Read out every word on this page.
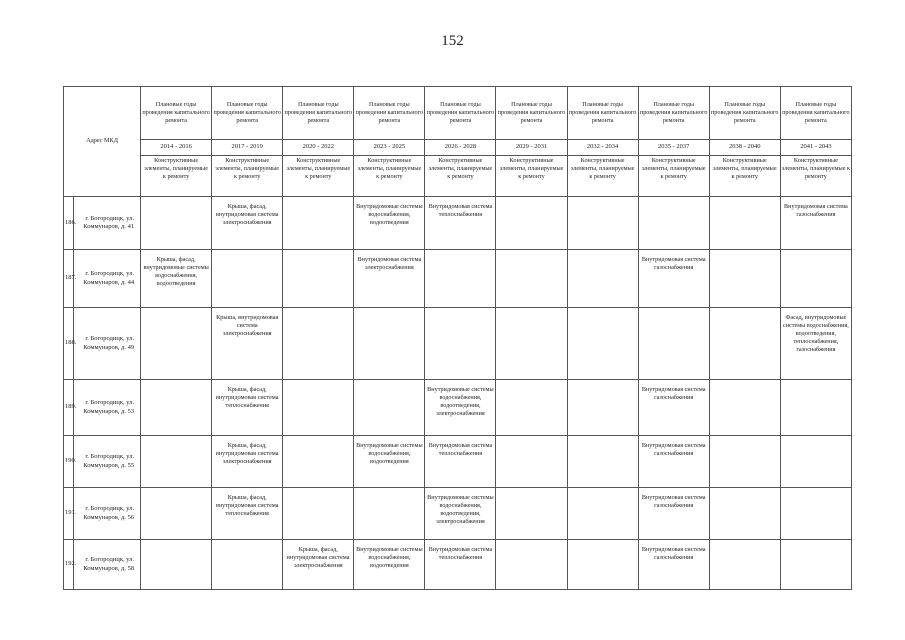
152
Адрес МКД		Плановые годы проведения капитального ремонта	Плановые годы проведения капитального ремонта	Плановые годы проведения капитального ремонта	Плановые годы проведения капитального ремонта	Плановые годы проведения капитального ремонта	Плановые годы проведения капитального ремонта	Плановые годы проведения капитального ремонта	Плановые годы проведения капитального ремонта	Плановые годы проведения капитального ремонта	Плановые годы проведения капитального ремонта
		2014 - 2016	2017 - 2019	2020 - 2022	2023 - 2025	2026 - 2028	2029 - 2031	2032 - 2034	2035 - 2037	2038 - 2040	2041 - 2043
		Конструктивные элементы, планируемые к ремонту	Конструктивные элементы, планируемые к ремонту	Конструктивные элементы, планируемые к ремонту	Конструктивные элементы, планируемые к ремонту	Конструктивные элементы, планируемые к ремонту	Конструктивные элементы, планируемые к ремонту	Конструктивные элементы, планируемые к ремонту	Конструктивные элементы, планируемые к ремонту	Конструктивные элементы, планируемые к ремонту	Конструктивные элементы, планируемые к ремонту
186.	г. Богородицк, ул. Коммунаров, д. 41		Крыша, фасад, внутридомовая система электроснабжения		Внутридомовые системы водоснабжения, водоотведения	Внутридомовая система теплоснабжения					Внутридомовая система газоснабжения
187.	г. Богородицк, ул. Коммунаров, д. 44	Крыша, фасад, внутридомовые системы водоснабжения, водоотведения			Внутридомовая система электроснабжения				Внутридомовая система газоснабжения		
188.	г. Богородицк, ул. Коммунаров, д. 49		Крыша, внутридомовая система электроснабжения								Фасад, внутридомовые системы водоснабжения, водоотведения, теплоснабжения, газоснабжения
189.	г. Богородицк, ул. Коммунаров, д. 53		Крыша, фасад, внутридомовая система теплоснабжения			Внутридомовые системы водоснабжения, водоотведения, электроснабжения			Внутридомовая система газоснабжения		
190.	г. Богородицк, ул. Коммунаров, д. 55		Крыша, фасад, внутридомовая система электроснабжения		Внутридомовые системы водоснабжения, водоотведения	Внутридомовая система теплоснабжения			Внутридомовая система газоснабжения		
191.	г. Богородицк, ул. Коммунаров, д. 56		Крыша, фасад, внутридомовая система теплоснабжения			Внутридомовые системы водоснабжения, водоотведения, электроснабжения			Внутридомовая система газоснабжения		
192.	г. Богородицк, ул. Коммунаров, д. 58			Крыша, фасад, внутридомовая система электроснабжения	Внутридомовые системы водоснабжения, водоотведения	Внутридомовая система теплоснабжения			Внутридомовая система газоснабжения		
